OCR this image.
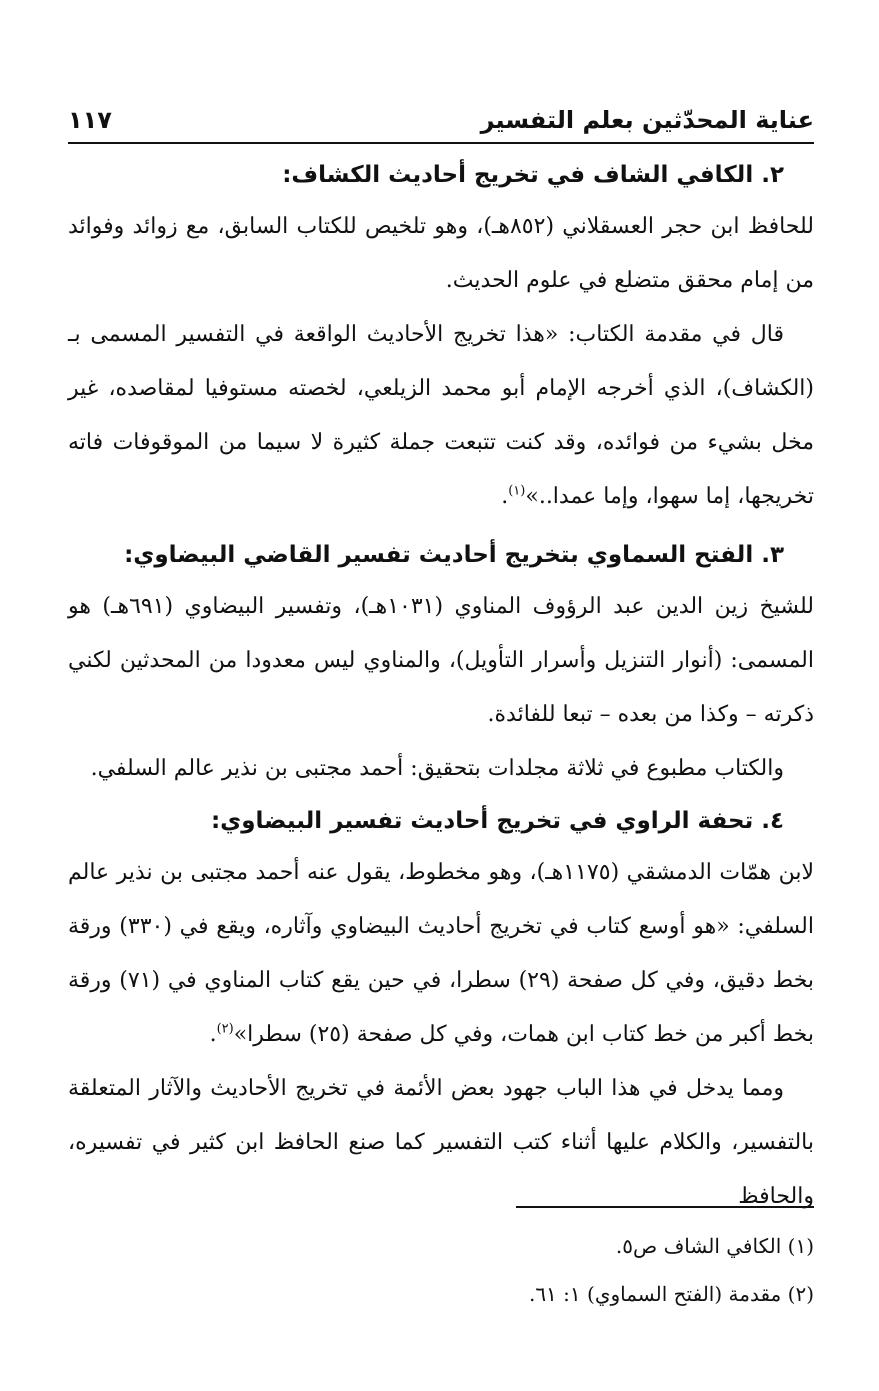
عناية المحدّثين بعلم التفسير
١١٧
٢. الكافي الشاف في تخريج أحاديث الكشاف:

للحافظ ابن حجر العسقلاني (٨٥٢هـ)، وهو تلخيص للكتاب السابق، مع زوائد وفوائد من إمام محقق متضلع في علوم الحديث.

قال في مقدمة الكتاب: «هذا تخريج الأحاديث الواقعة في التفسير المسمى بـ (الكشاف)، الذي أخرجه الإمام أبو محمد الزيلعي، لخصته مستوفيا لمقاصده، غير مخل بشيء من فوائده، وقد كنت تتبعت جملة كثيرة لا سيما من الموقوفات فاته تخريجها، إما سهوا، وإما عمدا..»$^{(١)}$.

٣. الفتح السماوي بتخريج أحاديث تفسير القاضي البيضاوي:

للشيخ زين الدين عبد الرؤوف المناوي (١٠٣١هـ)، وتفسير البيضاوي (٦٩١هـ) هو المسمى: (أنوار التنزيل وأسرار التأويل)، والمناوي ليس معدودا من المحدثين لكني ذكرته – وكذا من بعده – تبعا للفائدة.

والكتاب مطبوع في ثلاثة مجلدات بتحقيق: أحمد مجتبى بن نذير عالم السلفي.

٤. تحفة الراوي في تخريج أحاديث تفسير البيضاوي:

لابن همّات الدمشقي (١١٧٥هـ)، وهو مخطوط، يقول عنه أحمد مجتبى بن نذير عالم السلفي: «هو أوسع كتاب في تخريج أحاديث البيضاوي وآثاره، ويقع في (٣٣٠) ورقة بخط دقيق، وفي كل صفحة (٢٩) سطرا، في حين يقع كتاب المناوي في (٧١) ورقة بخط أكبر من خط كتاب ابن همات، وفي كل صفحة (٢٥) سطرا»$^{(٢)}$.

ومما يدخل في هذا الباب جهود بعض الأئمة في تخريج الأحاديث والآثار المتعلقة بالتفسير، والكلام عليها أثناء كتب التفسير كما صنع الحافظ ابن كثير في تفسيره، والحافظ

(١) الكافي الشاف ص٥.
(٢) مقدمة (الفتح السماوي) ١: ٦١.
